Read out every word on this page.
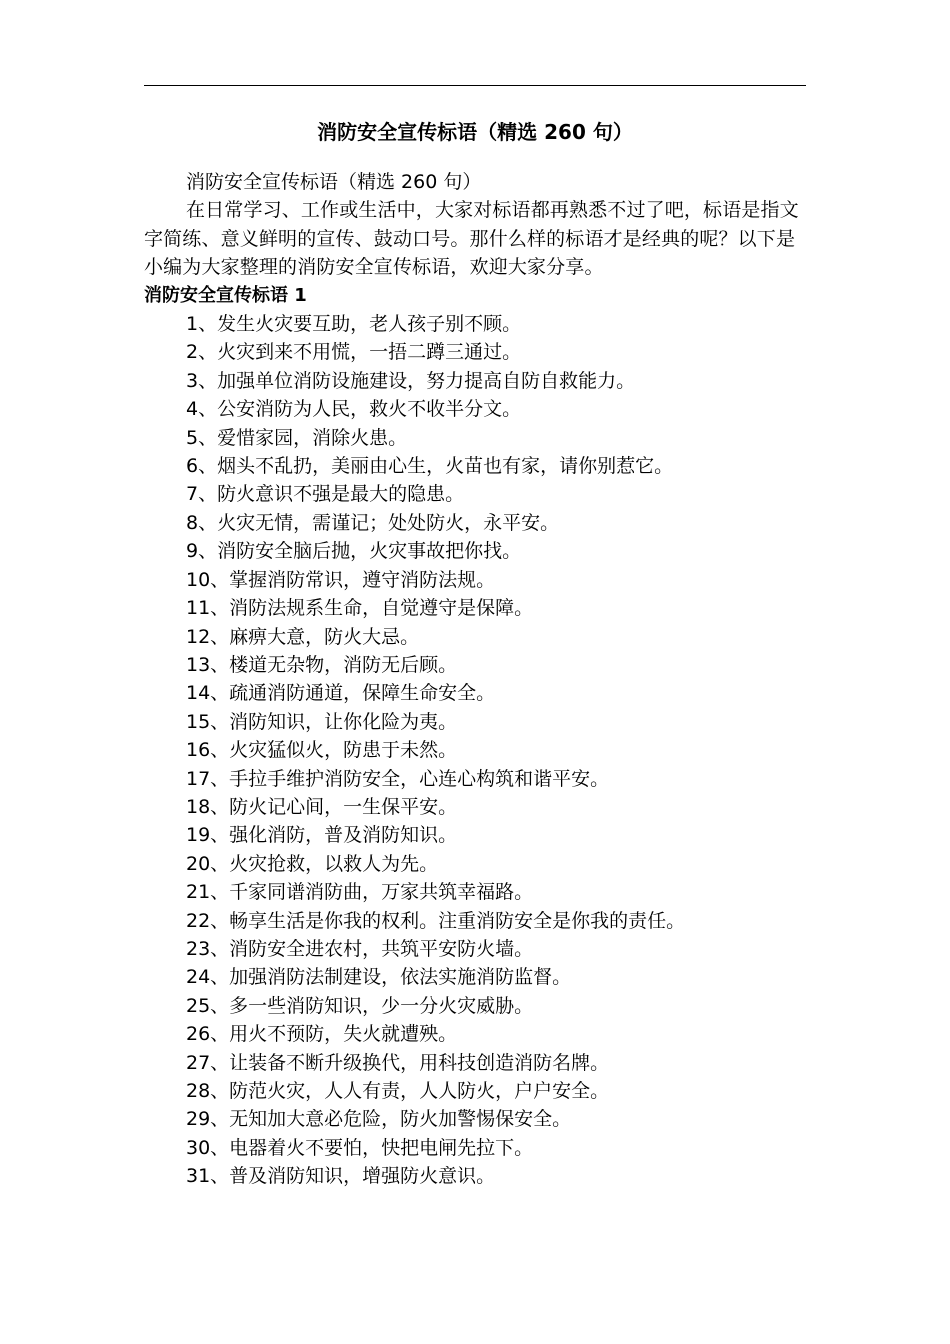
消防安全宣传标语（精选 260 句）

消防安全宣传标语（精选 260 句）

在日常学习、工作或生活中，大家对标语都再熟悉不过了吧，标语是指文字简练、意义鲜明的宣传、鼓动口号。那什么样的标语才是经典的呢？以下是小编为大家整理的消防安全宣传标语，欢迎大家分享。

消防安全宣传标语 1
1、发生火灾要互助，老人孩子别不顾。
2、火灾到来不用慌，一捂二蹲三通过。
3、加强单位消防设施建设，努力提高自防自救能力。
4、公安消防为人民，救火不收半分文。
5、爱惜家园，消除火患。
6、烟头不乱扔，美丽由心生，火苗也有家，请你别惹它。
7、防火意识不强是最大的隐患。
8、火灾无情，需谨记；处处防火，永平安。
9、消防安全脑后抛，火灾事故把你找。
10、掌握消防常识，遵守消防法规。
11、消防法规系生命，自觉遵守是保障。
12、麻痹大意，防火大忌。
13、楼道无杂物，消防无后顾。
14、疏通消防通道，保障生命安全。
15、消防知识，让你化险为夷。
16、火灾猛似火，防患于未然。
17、手拉手维护消防安全，心连心构筑和谐平安。
18、防火记心间，一生保平安。
19、强化消防，普及消防知识。
20、火灾抢救，以救人为先。
21、千家同谱消防曲，万家共筑幸福路。
22、畅享生活是你我的权利。注重消防安全是你我的责任。
23、消防安全进农村，共筑平安防火墙。
24、加强消防法制建设，依法实施消防监督。
25、多一些消防知识，少一分火灾威胁。
26、用火不预防，失火就遭殃。
27、让装备不断升级换代，用科技创造消防名牌。
28、防范火灾，人人有责，人人防火，户户安全。
29、无知加大意必危险，防火加警惕保安全。
30、电器着火不要怕，快把电闸先拉下。
31、普及消防知识，增强防火意识。
